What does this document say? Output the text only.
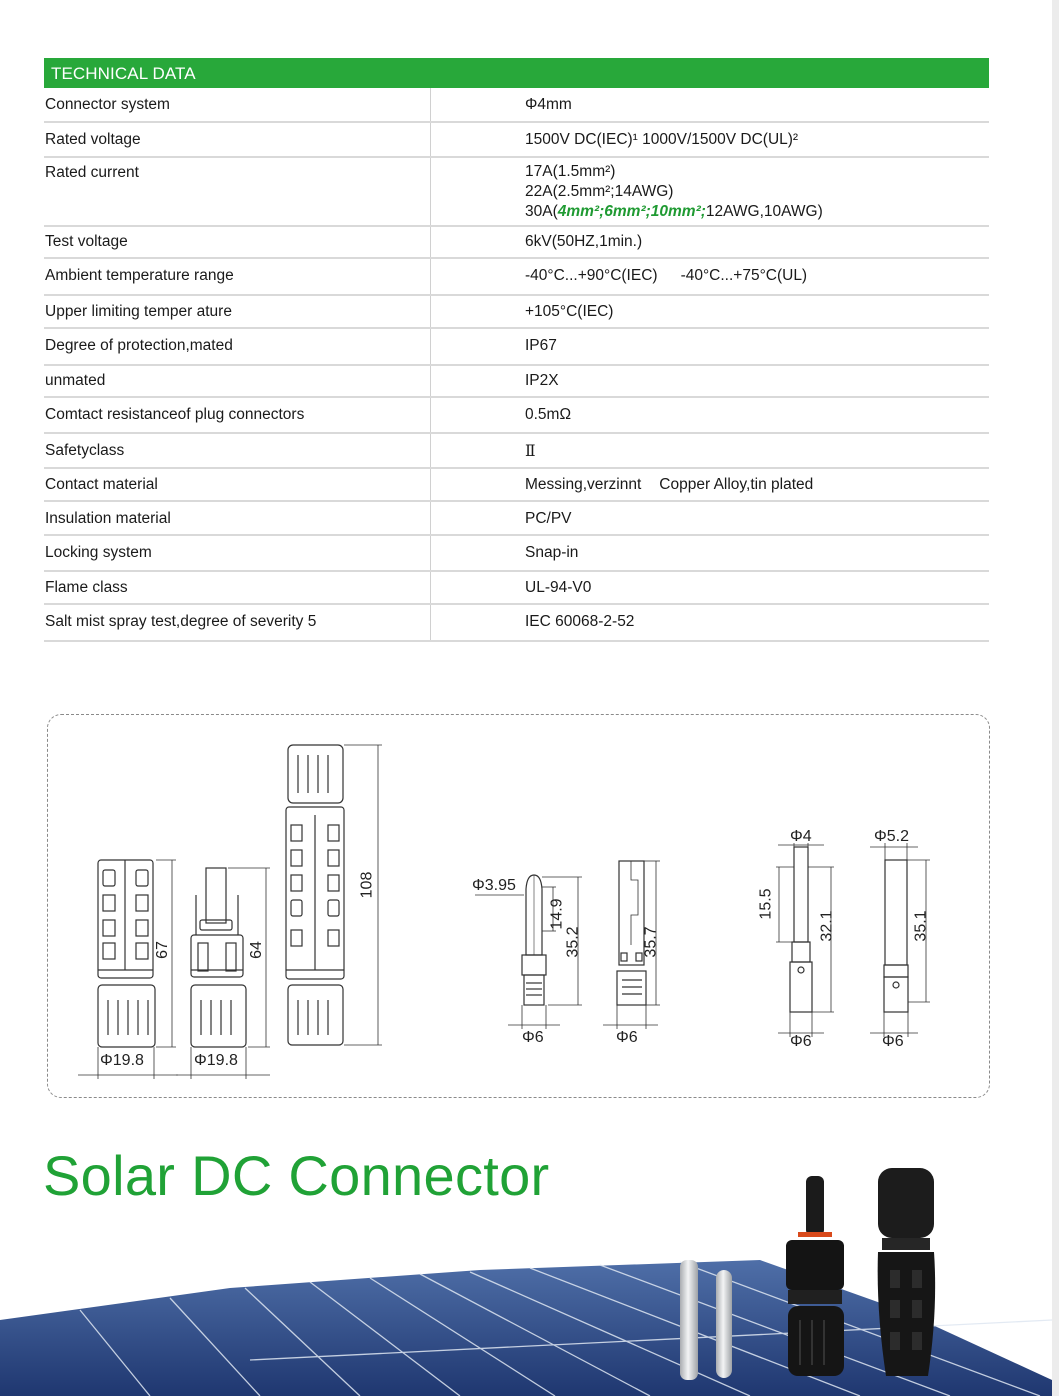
TECHNICAL DATA
Connector system	Φ4mm
Rated voltage	1500V DC(IEC)¹ 1000V/1500V DC(UL)²
Rated current	17A(1.5mm²)
22A(2.5mm²;14AWG)
30A(4mm²;6mm²;10mm²;12AWG,10AWG)
Test voltage	6kV(50HZ,1min.)
Ambient temperature range	-40°C...+90°C(IEC) -40°C...+75°C(UL)
Upper limiting temper ature	+105°C(IEC)
Degree of protection,mated	IP67
unmated	IP2X
Comtact resistanceof plug connectors	0.5mΩ
Safetyclass	Ⅱ
Contact material	Messing,verzinnt Copper Alloy,tin plated
Insulation material	PC/PV
Locking system	Snap-in
Flame class	UL-94-V0
Salt mist spray test,degree of severity 5	IEC 60068-2-52
67
Φ19.8
64
Φ19.8
108	Φ3.95
14.9
35.2
Φ6
35.7
Φ6
Φ4
15.5
32.1
Φ6
Φ5.2
35.1
Φ6
Solar DC Connector
